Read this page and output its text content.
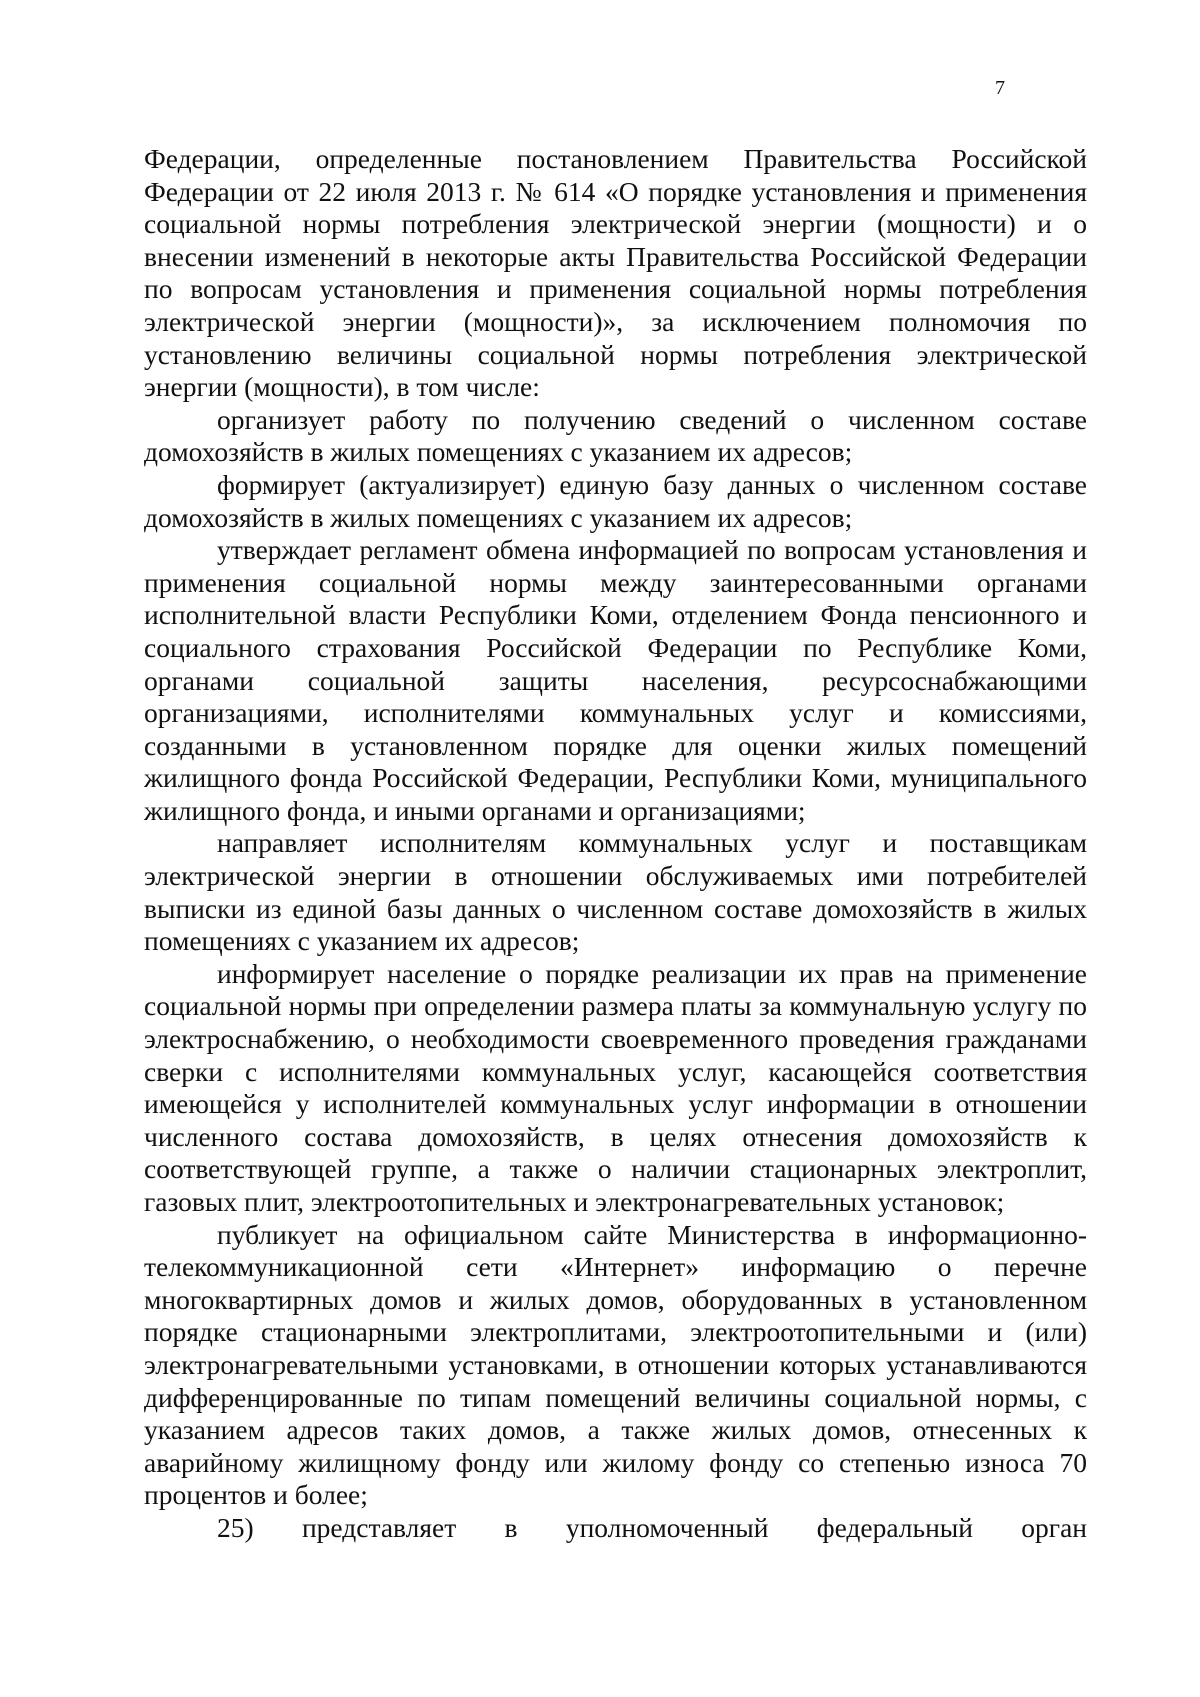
7

Федерации, определенные постановлением Правительства Российской Федерации от 22 июля 2013 г. № 614 «О порядке установления и применения социальной нормы потребления электрической энергии (мощности) и о внесении изменений в некоторые акты Правительства Российской Федерации по вопросам установления и применения социальной нормы потребления электрической энергии (мощности)», за исключением полномочия по установлению величины социальной нормы потребления электрической энергии (мощности), в том числе:

организует работу по получению сведений о численном составе домохозяйств в жилых помещениях с указанием их адресов;

формирует (актуализирует) единую базу данных о численном составе домохозяйств в жилых помещениях с указанием их адресов;

утверждает регламент обмена информацией по вопросам установления и применения социальной нормы между заинтересованными органами исполнительной власти Республики Коми, отделением Фонда пенсионного и социального страхования Российской Федерации по Республике Коми, органами социальной защиты населения, ресурсоснабжающими организациями, исполнителями коммунальных услуг и комиссиями, созданными в установленном порядке для оценки жилых помещений жилищного фонда Российской Федерации, Республики Коми, муниципального жилищного фонда, и иными органами и организациями;

направляет исполнителям коммунальных услуг и поставщикам электрической энергии в отношении обслуживаемых ими потребителей выписки из единой базы данных о численном составе домохозяйств в жилых помещениях с указанием их адресов;

информирует население о порядке реализации их прав на применение социальной нормы при определении размера платы за коммунальную услугу по электроснабжению, о необходимости своевременного проведения гражданами сверки с исполнителями коммунальных услуг, касающейся соответствия имеющейся у исполнителей коммунальных услуг информации в отношении численного состава домохозяйств, в целях отнесения домохозяйств к соответствующей группе, а также о наличии стационарных электроплит, газовых плит, электроотопительных и электронагревательных установок;

публикует на официальном сайте Министерства в информационно-телекоммуникационной сети «Интернет» информацию о перечне многоквартирных домов и жилых домов, оборудованных в установленном порядке стационарными электроплитами, электроотопительными и (или) электронагревательными установками, в отношении которых устанавливаются дифференцированные по типам помещений величины социальной нормы, с указанием адресов таких домов, а также жилых домов, отнесенных к аварийному жилищному фонду или жилому фонду со степенью износа 70 процентов и более;

25) представляет в уполномоченный федеральный орган
